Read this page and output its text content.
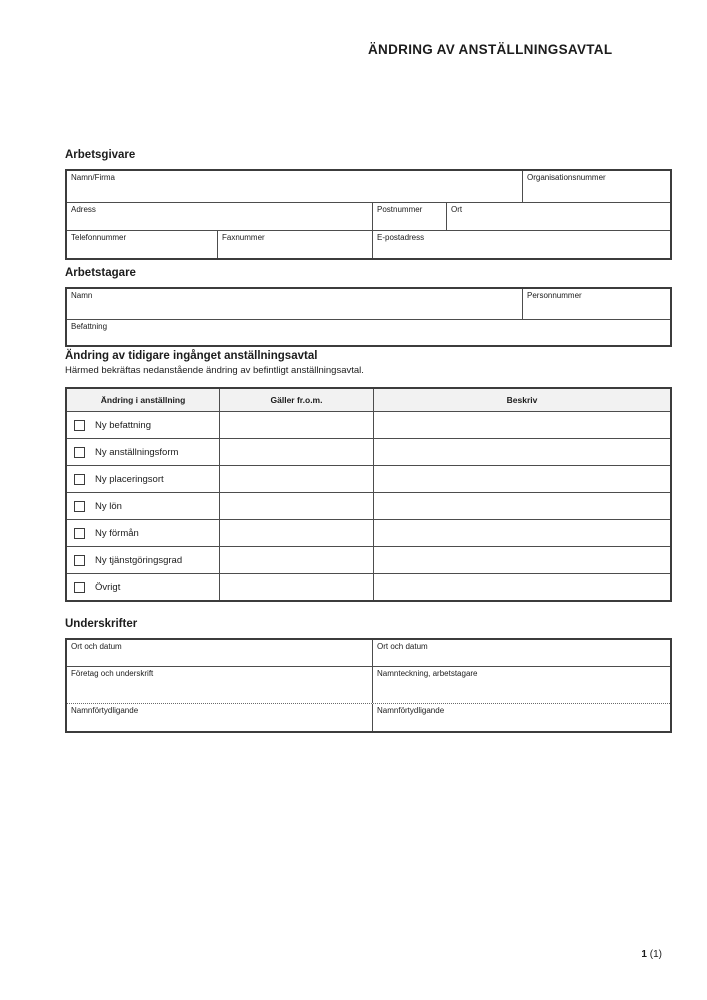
ÄNDRING AV ANSTÄLLNINGSAVTAL
Arbetsgivare
Namn/Firma	Organisationsnummer
Adress	Postnummer	Ort
Telefonnummer	Faxnummer	E-postadress
Arbetstagare
Namn	Personnummer
Befattning
Ändring av tidigare ingånget anställningsavtal
Härmed bekräftas nedanstående ändring av befintligt anställningsavtal.
Ändring i anställning	Gäller fr.o.m.	Beskriv
Ny befattning
Ny anställningsform
Ny placeringsort
Ny lön
Ny förmån
Ny tjänstgöringsgrad
Övrigt
Underskrifter
Ort och datum	Ort och datum
Företag och underskrift	Namnteckning, arbetstagare
Namnförtydligande	Namnförtydligande
1 (1)
